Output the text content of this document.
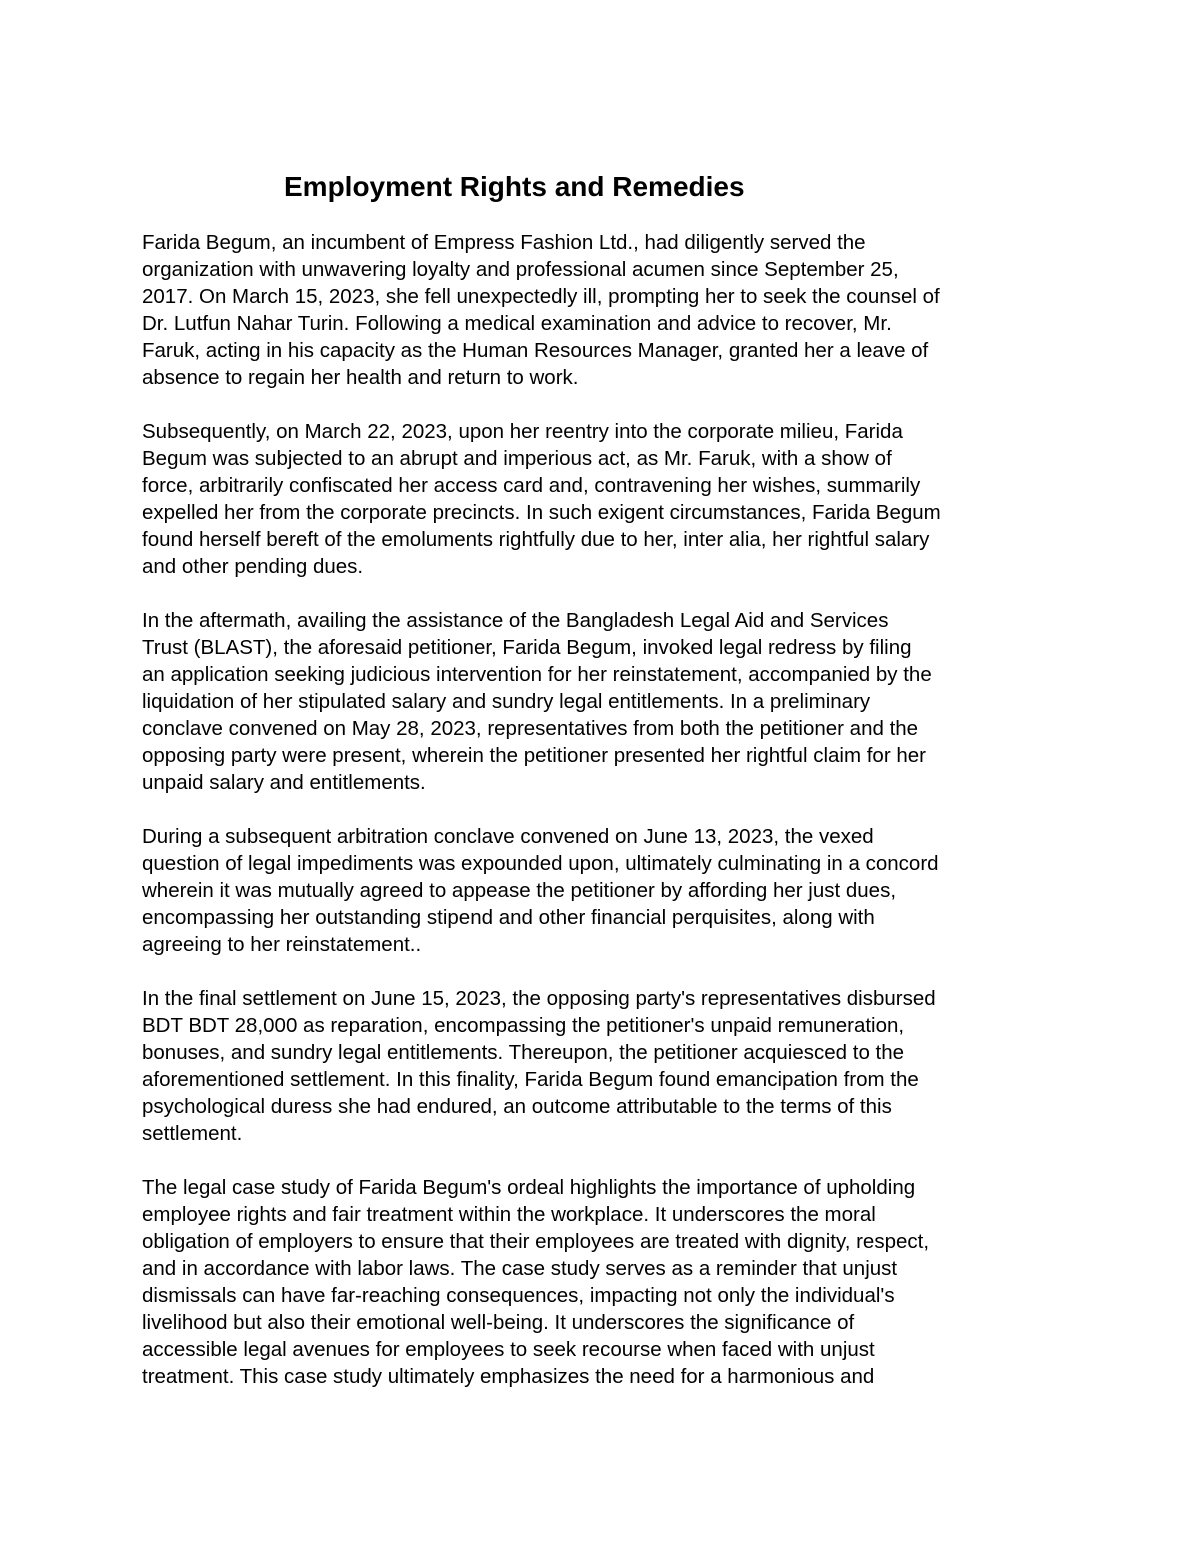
Employment Rights and Remedies

Farida Begum, an incumbent of Empress Fashion Ltd., had diligently served the
organization with unwavering loyalty and professional acumen since September 25,
2017. On March 15, 2023, she fell unexpectedly ill, prompting her to seek the counsel of
Dr. Lutfun Nahar Turin. Following a medical examination and advice to recover, Mr.
Faruk, acting in his capacity as the Human Resources Manager, granted her a leave of
absence to regain her health and return to work.

Subsequently, on March 22, 2023, upon her reentry into the corporate milieu, Farida
Begum was subjected to an abrupt and imperious act, as Mr. Faruk, with a show of
force, arbitrarily confiscated her access card and, contravening her wishes, summarily
expelled her from the corporate precincts. In such exigent circumstances, Farida Begum
found herself bereft of the emoluments rightfully due to her, inter alia, her rightful salary
and other pending dues.

In the aftermath, availing the assistance of the Bangladesh Legal Aid and Services
Trust (BLAST), the aforesaid petitioner, Farida Begum, invoked legal redress by filing
an application seeking judicious intervention for her reinstatement, accompanied by the
liquidation of her stipulated salary and sundry legal entitlements. In a preliminary
conclave convened on May 28, 2023, representatives from both the petitioner and the
opposing party were present, wherein the petitioner presented her rightful claim for her
unpaid salary and entitlements.

During a subsequent arbitration conclave convened on June 13, 2023, the vexed
question of legal impediments was expounded upon, ultimately culminating in a concord
wherein it was mutually agreed to appease the petitioner by affording her just dues,
encompassing her outstanding stipend and other financial perquisites, along with
agreeing to her reinstatement..

In the final settlement on June 15, 2023, the opposing party's representatives disbursed
BDT BDT 28,000 as reparation, encompassing the petitioner's unpaid remuneration,
bonuses, and sundry legal entitlements. Thereupon, the petitioner acquiesced to the
aforementioned settlement. In this finality, Farida Begum found emancipation from the
psychological duress she had endured, an outcome attributable to the terms of this
settlement.

The legal case study of Farida Begum's ordeal highlights the importance of upholding
employee rights and fair treatment within the workplace. It underscores the moral
obligation of employers to ensure that their employees are treated with dignity, respect,
and in accordance with labor laws. The case study serves as a reminder that unjust
dismissals can have far-reaching consequences, impacting not only the individual's
livelihood but also their emotional well-being. It underscores the significance of
accessible legal avenues for employees to seek recourse when faced with unjust
treatment. This case study ultimately emphasizes the need for a harmonious and
